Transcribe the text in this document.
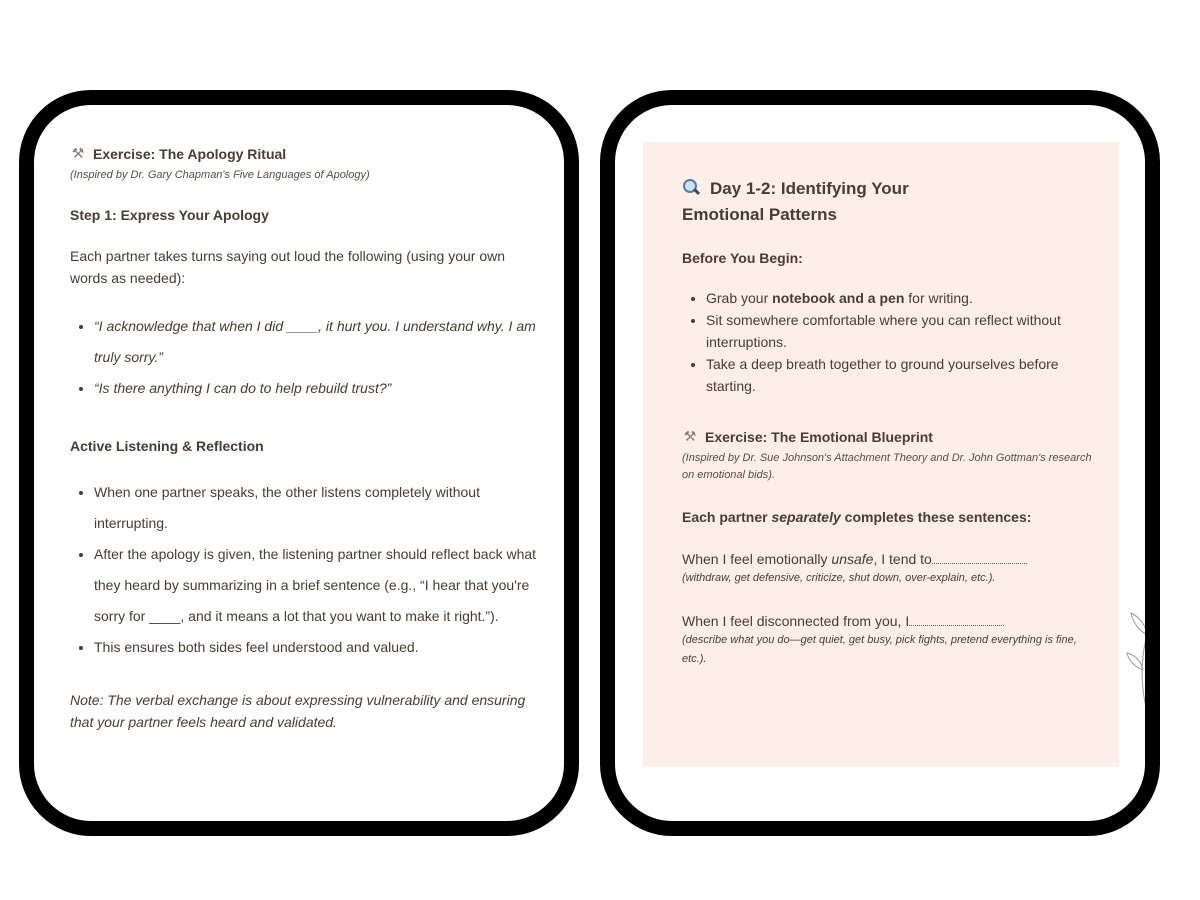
⚒ Exercise: The Apology Ritual
(Inspired by Dr. Gary Chapman's Five Languages of Apology)
Step 1: Express Your Apology
Each partner takes turns saying out loud the following (using your own words as needed):
• “I acknowledge that when I did ____, it hurt you. I understand why. I am truly sorry.”
• “Is there anything I can do to help rebuild trust?”
Active Listening & Reflection
• When one partner speaks, the other listens completely without interrupting.
• After the apology is given, the listening partner should reflect back what they heard by summarizing in a brief sentence (e.g., “I hear that you're sorry for ____, and it means a lot that you want to make it right.”).
• This ensures both sides feel understood and valued.
Note: The verbal exchange is about expressing vulnerability and ensuring that your partner feels heard and validated.
Day 1-2: Identifying Your Emotional Patterns
Before You Begin:
• Grab your notebook and a pen for writing.
• Sit somewhere comfortable where you can reflect without interruptions.
• Take a deep breath together to ground yourselves before starting.
⚒ Exercise: The Emotional Blueprint
(Inspired by Dr. Sue Johnson's Attachment Theory and Dr. John Gottman's research on emotional bids).
Each partner separately completes these sentences:
When I feel emotionally unsafe, I tend to
(withdraw, get defensive, criticize, shut down, over-explain, etc.).
When I feel disconnected from you, I
(describe what you do—get quiet, get busy, pick fights, pretend everything is fine, etc.).
